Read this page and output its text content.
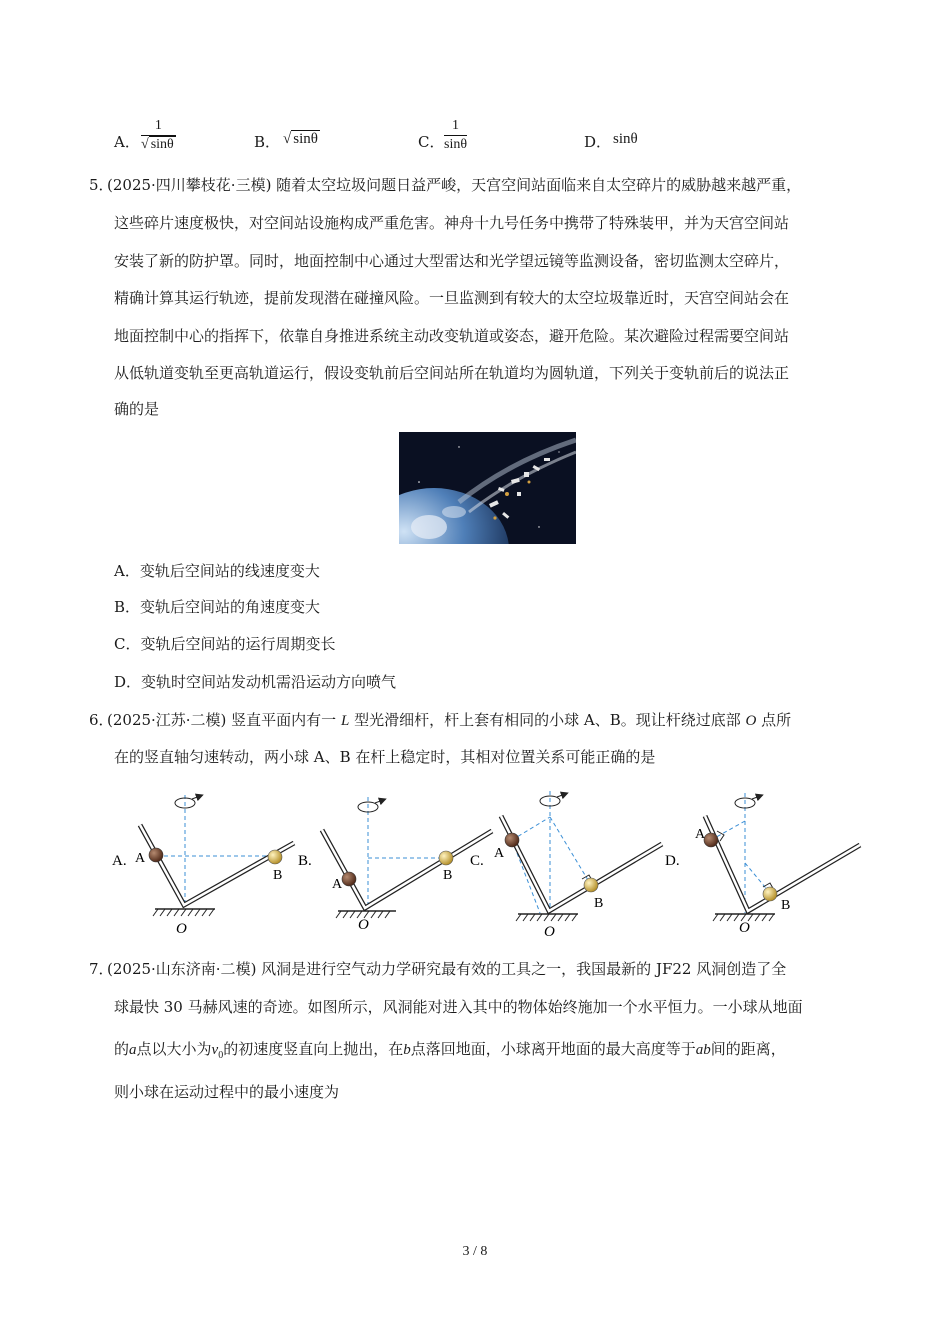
A． $\frac{1}{√ \sin\theta}$	B． √ sinθ	C． $\frac{1}{\sin\theta}$	D． sinθ
5．
(2025·四川攀枝花·三模) 随着太空垃圾问题日益严峻，天宫空间站面临来自太空碎片的威胁越来越严重，
这些碎片速度极快，对空间站设施构成严重危害。神舟十九号任务中携带了特殊装甲，并为天宫空间站
安装了新的防护罩。同时，地面控制中心通过大型雷达和光学望远镜等监测设备，密切监测太空碎片，
精确计算其运行轨迹，提前发现潜在碰撞风险。一旦监测到有较大的太空垃圾靠近时，天宫空间站会在
地面控制中心的指挥下，依靠自身推进系统主动改变轨道或姿态，避开危险。某次避险过程需要空间站
从低轨道变轨至更高轨道运行，假设变轨前后空间站所在轨道均为圆轨道，下列关于变轨前后的说法正
确的是
A．变轨后空间站的线速度变大
B．变轨后空间站的角速度变大
C．变轨后空间站的运行周期变长
D．变轨时空间站发动机需沿运动方向喷气
6．
(2025·江苏·二模) 竖直平面内有一 L 型光滑细杆，杆上套有相同的小球 A、B。现让杆绕过底部 O 点所
在的竖直轴匀速转动，两小球 A、B 在杆上稳定时，其相对位置关系可能正确的是
A. A
B
O
B.
A
B
O
C. A
B
O
D.
A
B
O
7．
(2025·山东济南·二模) 风洞是进行空气动力学研究最有效的工具之一，我国最新的 JF22 风洞创造了全
球最快 30 马赫风速的奇迹。如图所示，风洞能对进入其中的物体始终施加一个水平恒力。一小球从地面
的a点以大小为$v_0$的初速度竖直向上抛出，在b点落回地面，小球离开地面的最大高度等于ab间的距离，
则小球在运动过程中的最小速度为
3 / 8
